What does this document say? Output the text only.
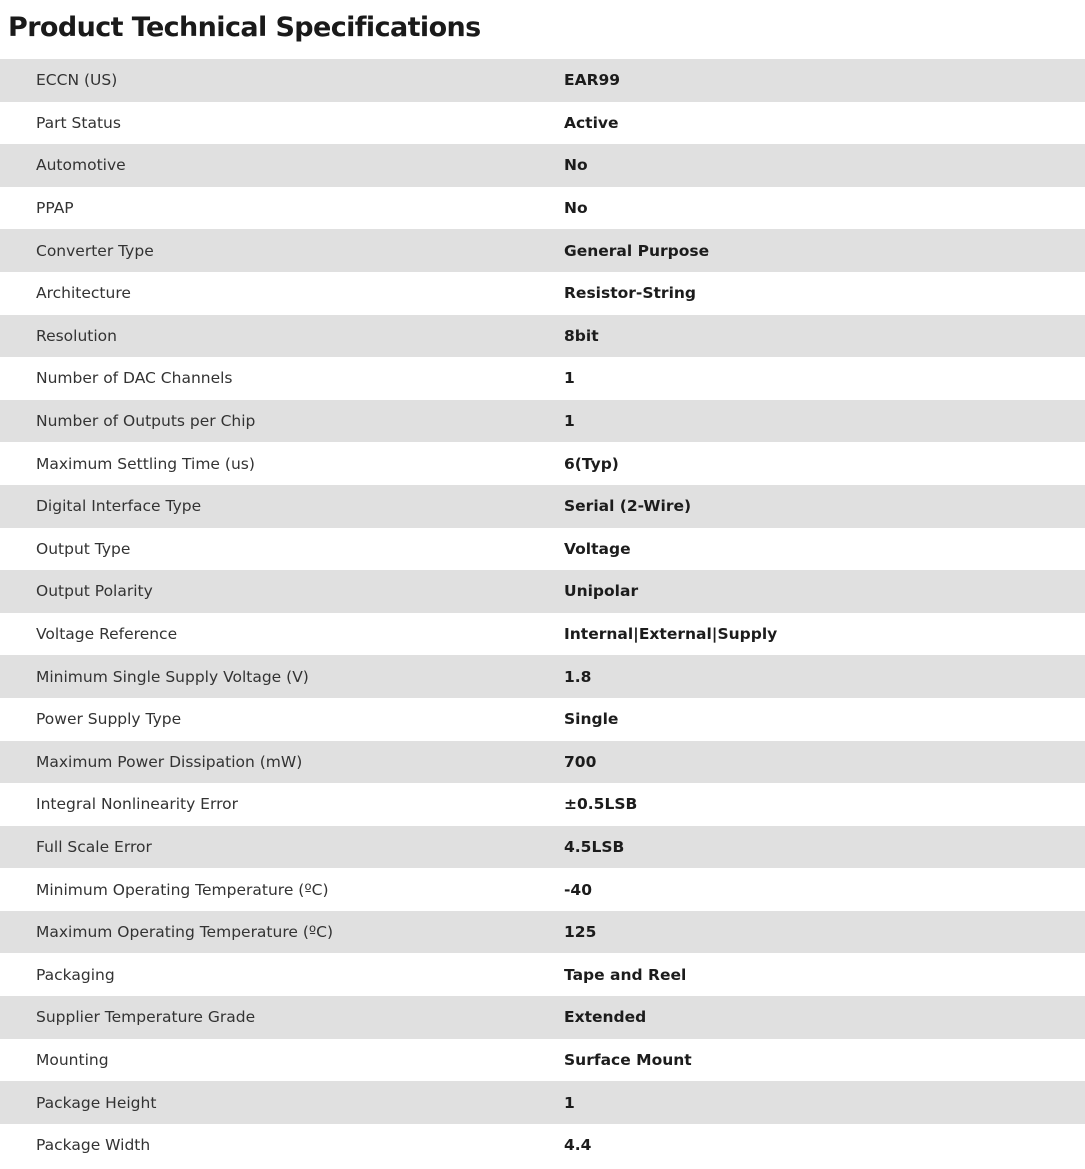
Product Technical Specifications
ECCN (US)	EAR99
Part Status	Active
Automotive	No
PPAP	No
Converter Type	General Purpose
Architecture	Resistor-String
Resolution	8bit
Number of DAC Channels	1
Number of Outputs per Chip	1
Maximum Settling Time (us)	6(Typ)
Digital Interface Type	Serial (2-Wire)
Output Type	Voltage
Output Polarity	Unipolar
Voltage Reference	Internal|External|Supply
Minimum Single Supply Voltage (V)	1.8
Power Supply Type	Single
Maximum Power Dissipation (mW)	700
Integral Nonlinearity Error	±0.5LSB
Full Scale Error	4.5LSB
Minimum Operating Temperature (ºC)	-40
Maximum Operating Temperature (ºC)	125
Packaging	Tape and Reel
Supplier Temperature Grade	Extended
Mounting	Surface Mount
Package Height	1
Package Width	4.4
